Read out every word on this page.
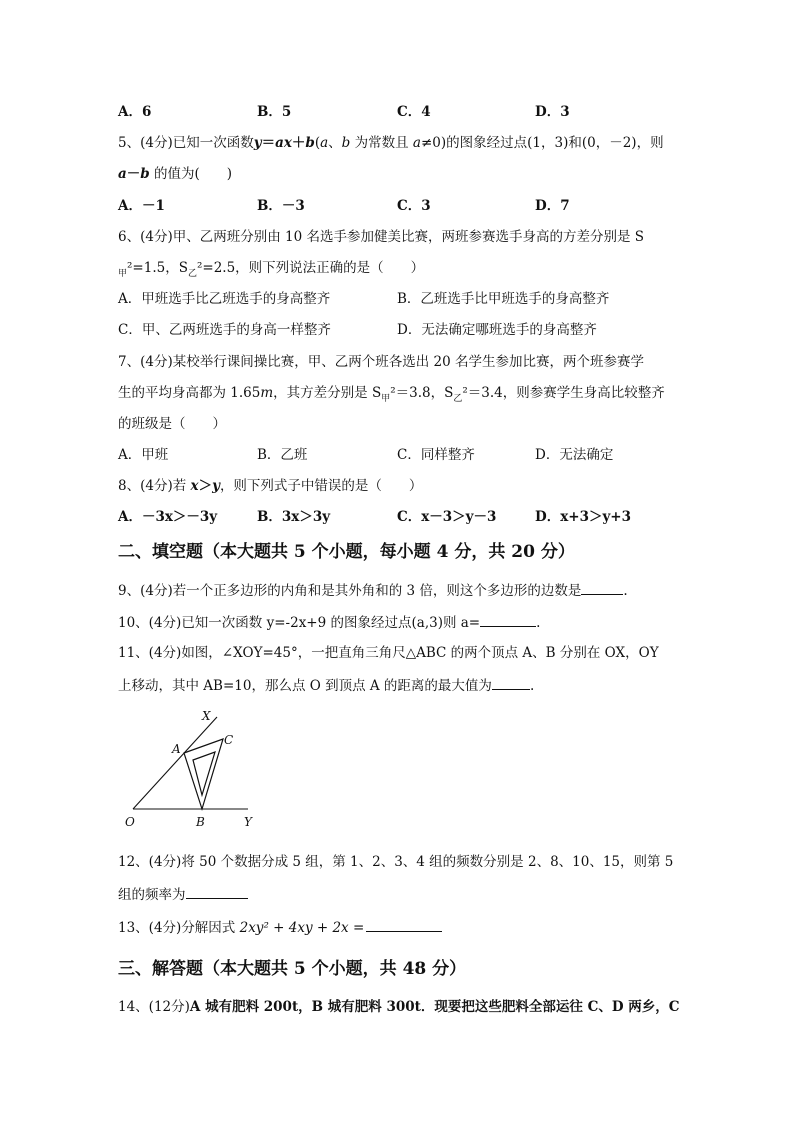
A．6	B．5	C．4	D．3
5、(4分)已知一次函数y＝ax＋b(a、b 为常数且 a≠0)的图象经过点(1，3)和(0，－2)，则
a－b 的值为(　　)
A．－1	B．－3	C．3	D．7
6、(4分)甲、乙两班分别由 10 名选手参加健美比赛，两班参赛选手身高的方差分别是 S
$_甲$²=1.5，$S_乙^2=2.5$，则下列说法正确的是（　　）
A．甲班选手比乙班选手的身高整齐	B．乙班选手比甲班选手的身高整齐
C．甲、乙两班选手的身高一样整齐	D．无法确定哪班选手的身高整齐
7、(4分)某校举行课间操比赛，甲、乙两个班各选出 20 名学生参加比赛，两个班参赛学
生的平均身高都为 1.65m，其方差分别是 $S_甲^2=3.8$，$S_乙^2=3.4$，则参赛学生身高比较整齐
的班级是（　　）
A．甲班	B．乙班	C．同样整齐	D．无法确定
8、(4分)若 x＞y，则下列式子中错误的是（　　）
A．－3x＞－3y	B．3x＞3y	C．x－3＞y－3	D．x+3＞y+3
二、填空题（本大题共 5 个小题，每小题 4 分，共 20 分）
9、(4分)若一个正多边形的内角和是其外角和的 3 倍，则这个多边形的边数是	.
10、(4分)已知一次函数 y=-2x+9 的图象经过点(a,3)则 a=	.
11、(4分)如图，∠XOY=45°，一把直角三角尺△ABC 的两个顶点 A、B 分别在 OX，OY
上移动，其中 AB=10，那么点 O 到顶点 A 的距离的最大值为	.
X
A
C
O	B	Y
12、(4分)将 50 个数据分成 5 组，第 1、2、3、4 组的频数分别是 2、8、10、15，则第 5
组的频率为
13、(4分)分解因式 2xy² + 4xy + 2x =
三、解答题（本大题共 5 个小题，共 48 分）
14、(12分)A 城有肥料 200t，B 城有肥料 300t．现要把这些肥料全部运往 C、D 两乡，C
